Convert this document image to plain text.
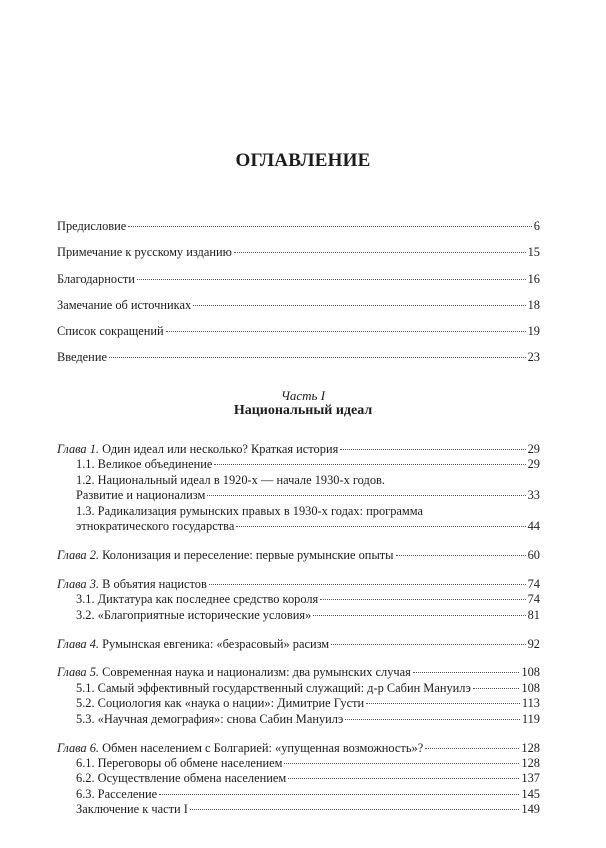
ОГЛАВЛЕНИЕ
Предисловие	6
Примечание к русскому изданию	15
Благодарности	16
Замечание об источниках	18
Список сокращений	19
Введение	23
Часть I
Национальный идеал
Глава 1. Один идеал или несколько? Краткая история	29
1.1. Великое объединение	29
1.2. Национальный идеал в 1920-х — начале 1930-х годов.
Развитие и национализм	33
1.3. Радикализация румынских правых в 1930-х годах: программа
этнократического государства	44
Глава 2. Колонизация и переселение: первые румынские опыты	60
Глава 3. В объятия нацистов	74
3.1. Диктатура как последнее средство короля	74
3.2. «Благоприятные исторические условия»	81
Глава 4. Румынская евгеника: «безрасовый» расизм	92
Глава 5. Современная наука и национализм: два румынских случая	108
5.1. Самый эффективный государственный служащий: д-р Сабин Мануилэ	108
5.2. Социология как «наука о нации»: Димитрие Густи	113
5.3. «Научная демография»: снова Сабин Мануилэ	119
Глава 6. Обмен населением с Болгарией: «упущенная возможность»?	128
6.1. Переговоры об обмене населением	128
6.2. Осуществление обмена населением	137
6.3. Расселение	145
Заключение к части I	149
